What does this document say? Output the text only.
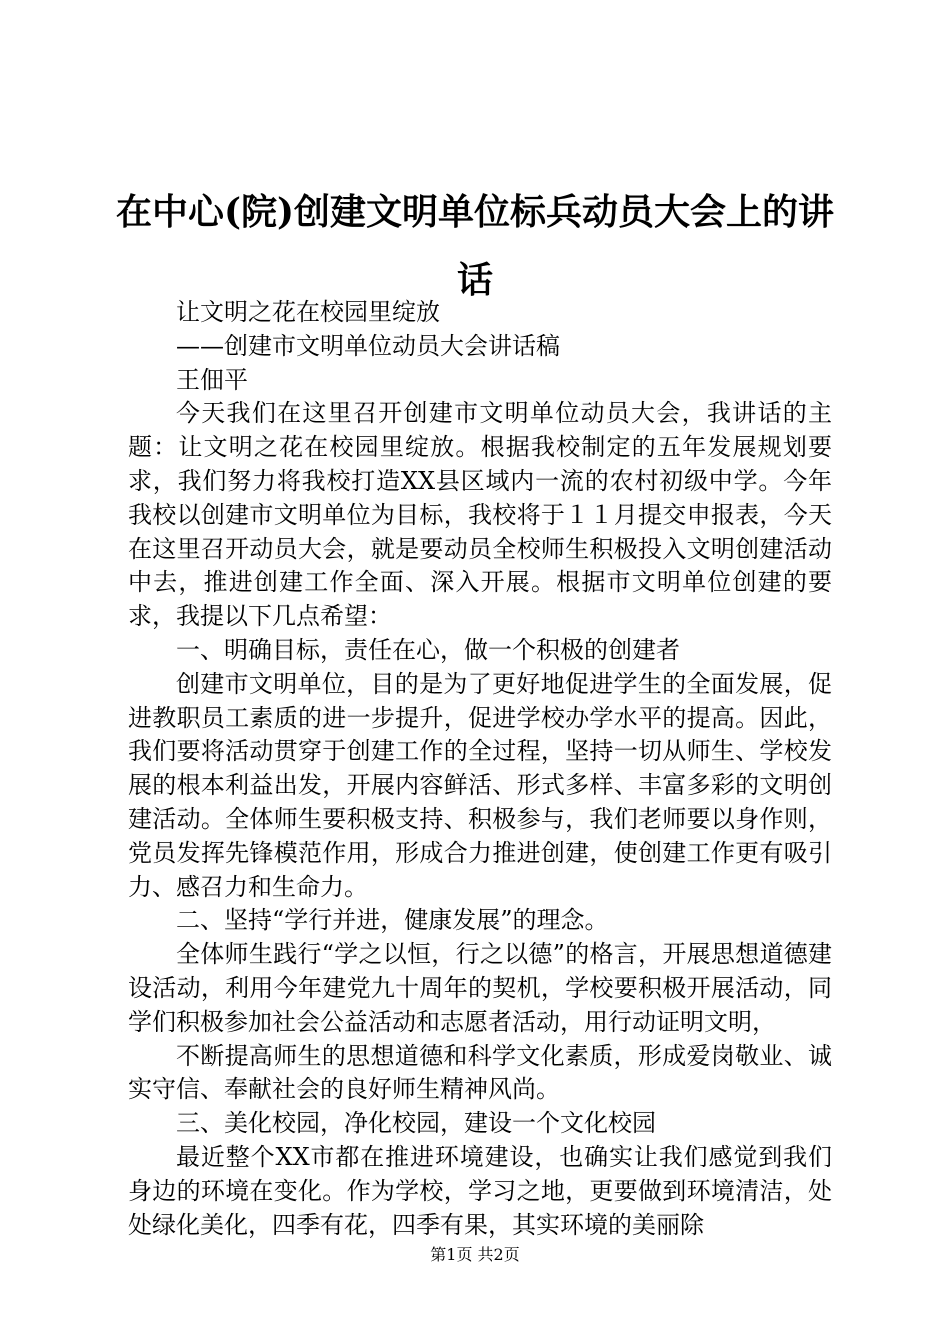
在中心(院)创建文明单位标兵动员大会上的讲话

让文明之花在校园里绽放

——创建市文明单位动员大会讲话稿

王佃平

今天我们在这里召开创建市文明单位动员大会，我讲话的主题：让文明之花在校园里绽放。根据我校制定的五年发展规划要求，我们努力将我校打造XX县区域内一流的农村初级中学。今年我校以创建市文明单位为目标，我校将于１１月提交申报表，今天在这里召开动员大会，就是要动员全校师生积极投入文明创建活动中去，推进创建工作全面、深入开展。根据市文明单位创建的要求，我提以下几点希望：

一、明确目标，责任在心，做一个积极的创建者

创建市文明单位，目的是为了更好地促进学生的全面发展，促进教职员工素质的进一步提升，促进学校办学水平的提高。因此，我们要将活动贯穿于创建工作的全过程，坚持一切从师生、学校发展的根本利益出发，开展内容鲜活、形式多样、丰富多彩的文明创建活动。全体师生要积极支持、积极参与，我们老师要以身作则，党员发挥先锋模范作用，形成合力推进创建，使创建工作更有吸引力、感召力和生命力。

二、坚持“学行并进，健康发展”的理念。

全体师生践行“学之以恒，行之以德”的格言，开展思想道德建设活动，利用今年建党九十周年的契机，学校要积极开展活动，同学们积极参加社会公益活动和志愿者活动，用行动证明文明，

不断提高师生的思想道德和科学文化素质，形成爱岗敬业、诚实守信、奉献社会的良好师生精神风尚。

三、美化校园，净化校园，建设一个文化校园

最近整个XX市都在推进环境建设，也确实让我们感觉到我们身边的环境在变化。作为学校，学习之地，更要做到环境清洁，处处绿化美化，四季有花，四季有果，其实环境的美丽除

第1页 共2页
